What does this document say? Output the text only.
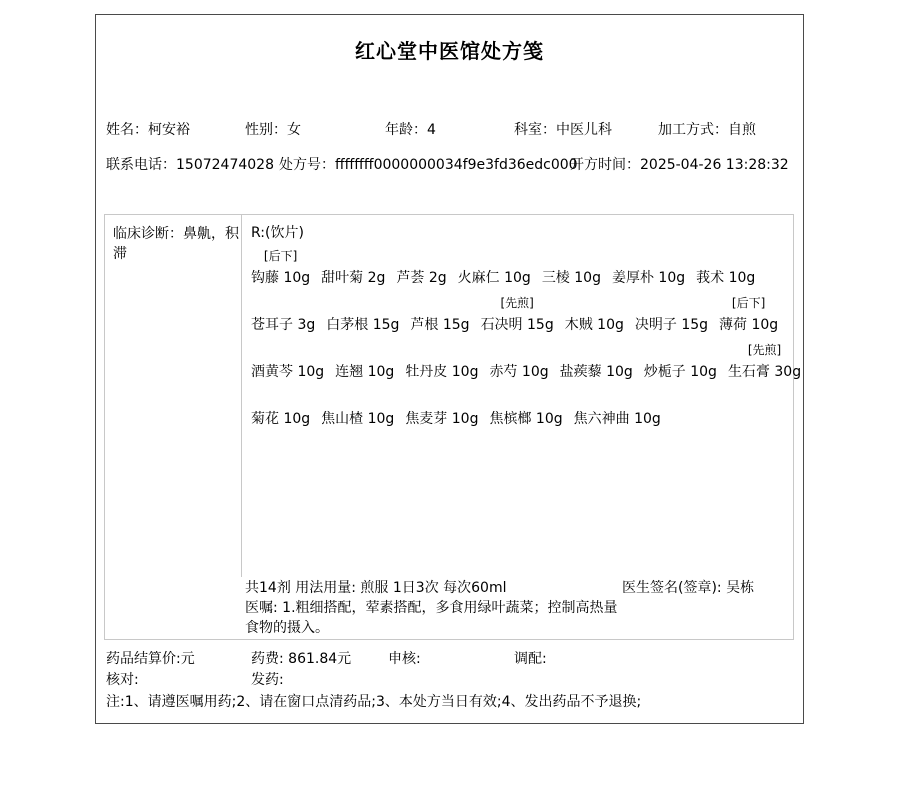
红心堂中医馆处方笺
姓名：柯安裕	性别：女	年龄：4	科室：中医儿科	加工方式：自煎
联系电话：15072474028 处方号：ffffffff0000000034f9e3fd36edc000
开方时间：2025-04-26 13:28:32
临床诊断：鼻鼽，积滞
R:(饮片)
[后下]
钩藤 10g
甜叶菊 2g
芦荟 2g
火麻仁 10g
三棱 10g
姜厚朴 10g
莪术 10g

苍耳子 3g
白茅根 15g
芦根 15g
[先煎]
石决明 15g
木贼 10g
决明子 15g
[后下]
薄荷 10g

酒黄芩 10g
连翘 10g
牡丹皮 10g
赤芍 10g
盐蒺藜 10g
炒栀子 10g
[先煎]
生石膏 30g

菊花 10g
焦山楂 10g
焦麦芽 10g
焦槟榔 10g
焦六神曲 10g
共14剂 用法用量: 煎服 1日3次 每次60ml	医生签名(签章): 吴栋
医嘱: 1.粗细搭配，荤素搭配，多食用绿叶蔬菜；控制高热量食物的摄入。
药品结算价:元	药费: 861.84元	申核:	调配:
核对:	发药:
注:1、请遵医嘱用药;2、请在窗口点清药品;3、本处方当日有效;4、发出药品不予退换;
